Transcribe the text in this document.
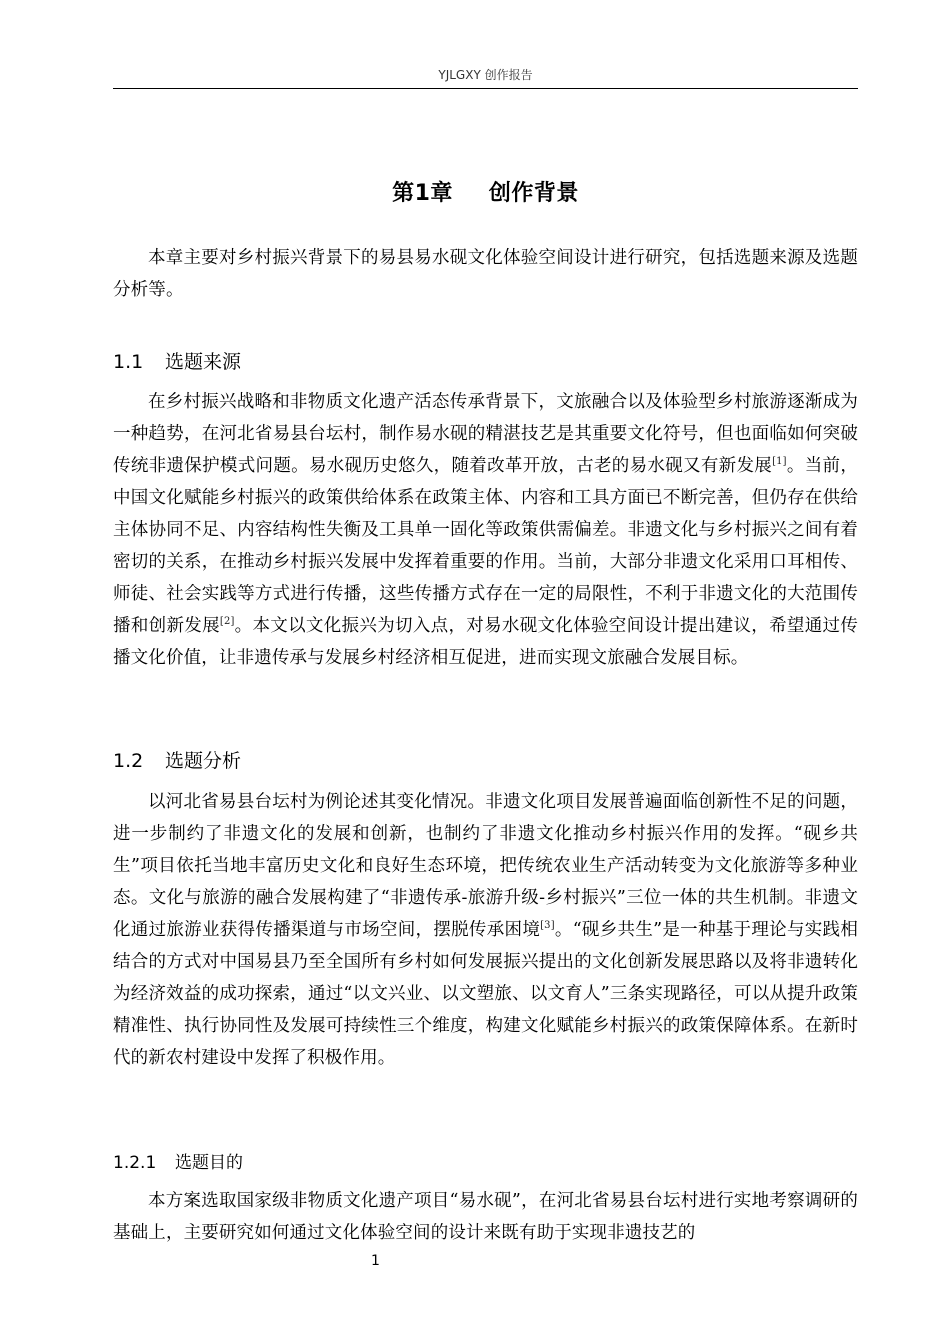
YJLGXY 创作报告
第1章 创作背景

本章主要对乡村振兴背景下的易县易水砚文化体验空间设计进行研究，包括选题来源及选题分析等。

1.1 选题来源

在乡村振兴战略和非物质文化遗产活态传承背景下，文旅融合以及体验型乡村旅游逐渐成为一种趋势，在河北省易县台坛村，制作易水砚的精湛技艺是其重要文化符号，但也面临如何突破传统非遗保护模式问题。易水砚历史悠久，随着改革开放，古老的易水砚又有新发展[1]。当前，中国文化赋能乡村振兴的政策供给体系在政策主体、内容和工具方面已不断完善，但仍存在供给主体协同不足、内容结构性失衡及工具单一固化等政策供需偏差。非遗文化与乡村振兴之间有着密切的关系，在推动乡村振兴发展中发挥着重要的作用。当前，大部分非遗文化采用口耳相传、师徒、社会实践等方式进行传播，这些传播方式存在一定的局限性，不利于非遗文化的大范围传播和创新发展[2]。本文以文化振兴为切入点，对易水砚文化体验空间设计提出建议，希望通过传播文化价值，让非遗传承与发展乡村经济相互促进，进而实现文旅融合发展目标。

1.2 选题分析

以河北省易县台坛村为例论述其变化情况。非遗文化项目发展普遍面临创新性不足的问题，进一步制约了非遗文化的发展和创新，也制约了非遗文化推动乡村振兴作用的发挥。“砚乡共生”项目依托当地丰富历史文化和良好生态环境，把传统农业生产活动转变为文化旅游等多种业态。文化与旅游的融合发展构建了“非遗传承-旅游升级-乡村振兴”三位一体的共生机制。非遗文化通过旅游业获得传播渠道与市场空间，摆脱传承困境[3]。“砚乡共生”是一种基于理论与实践相结合的方式对中国易县乃至全国所有乡村如何发展振兴提出的文化创新发展思路以及将非遗转化为经济效益的成功探索，通过“以文兴业、以文塑旅、以文育人”三条实现路径，可以从提升政策精准性、执行协同性及发展可持续性三个维度，构建文化赋能乡村振兴的政策保障体系。在新时代的新农村建设中发挥了积极作用。

1.2.1 选题目的

本方案选取国家级非物质文化遗产项目“易水砚”，在河北省易县台坛村进行实地考察调研的基础上，主要研究如何通过文化体验空间的设计来既有助于实现非遗技艺的

1
